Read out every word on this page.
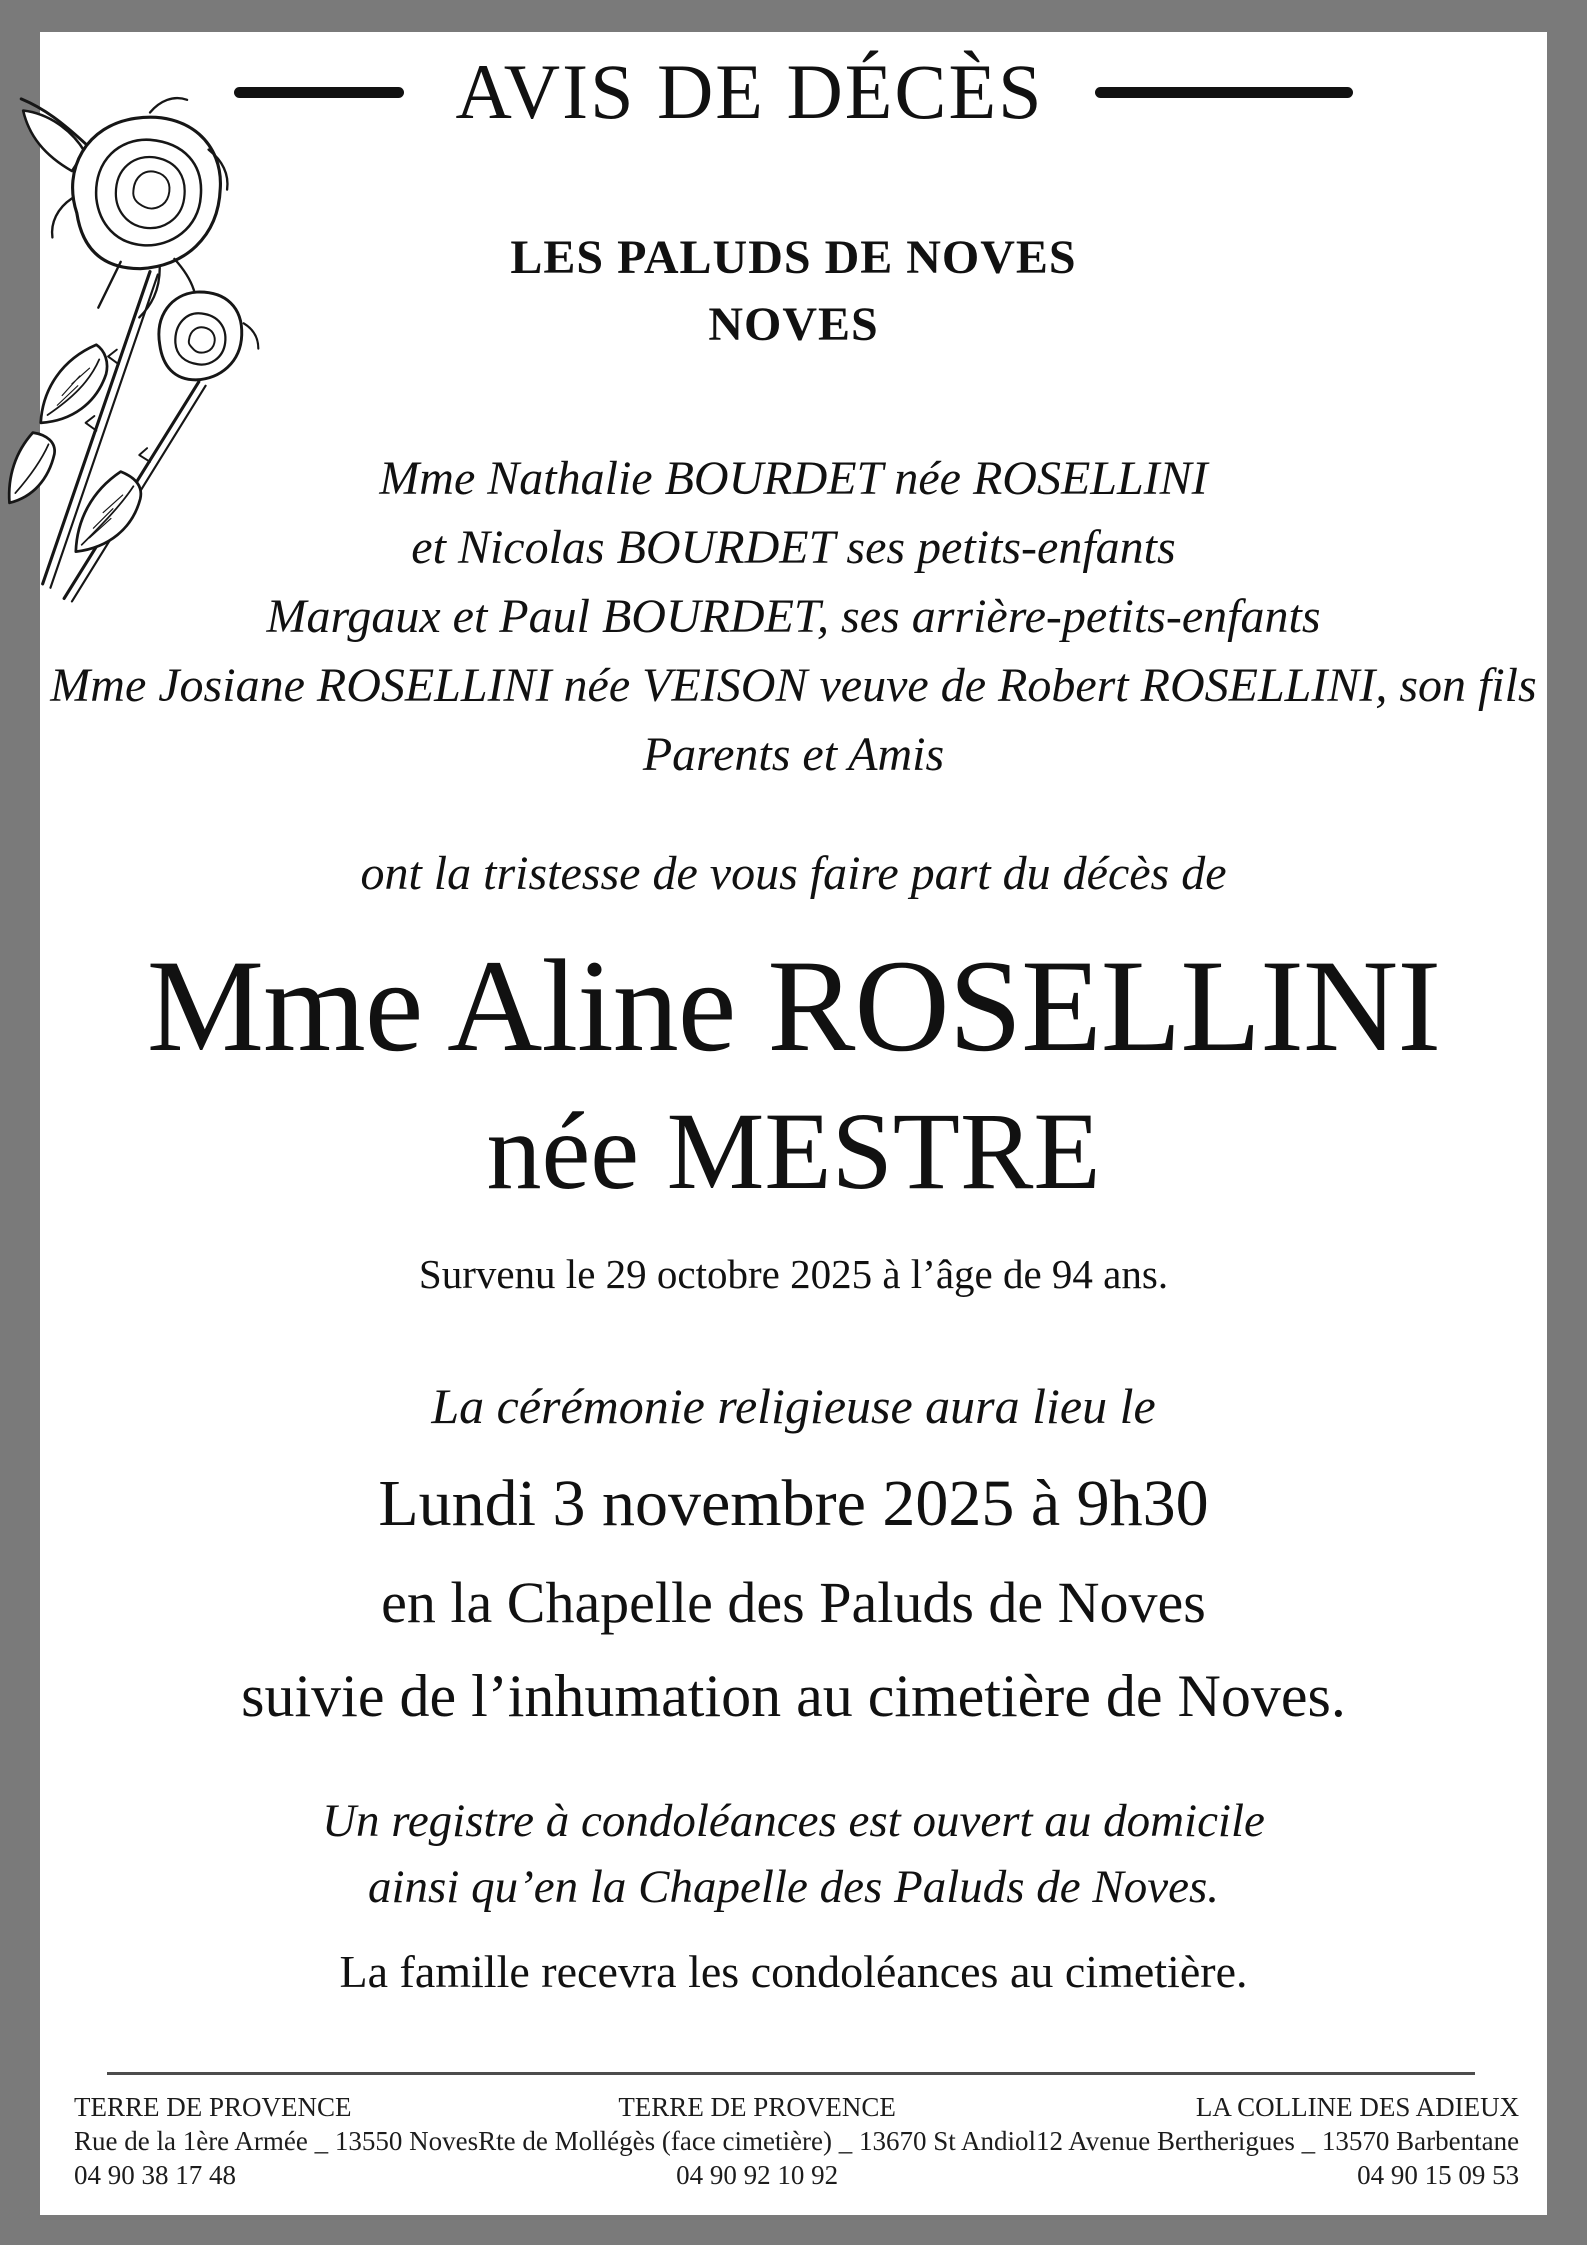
AVIS DE DÉCÈS
LES PALUDS DE NOVES
NOVES
Mme Nathalie BOURDET née ROSELLINI
et Nicolas BOURDET ses petits-enfants
Margaux et Paul BOURDET, ses arrière-petits-enfants
Mme Josiane ROSELLINI née VEISON veuve de Robert ROSELLINI, son fils
Parents et Amis
ont la tristesse de vous faire part du décès de
Mme Aline ROSELLINI
née MESTRE
Survenu le 29 octobre 2025 à l’âge de 94 ans.
La cérémonie religieuse aura lieu le
Lundi 3 novembre 2025 à 9h30
en la Chapelle des Paluds de Noves
suivie de l’inhumation au cimetière de Noves.
Un registre à condoléances est ouvert au domicile
ainsi qu’en la Chapelle des Paluds de Noves.
La famille recevra les condoléances au cimetière.
TERRE DE PROVENCE
Rue de la 1ère Armée _ 13550 Noves
04 90 38 17 48
TERRE DE PROVENCE
Rte de Mollégès (face cimetière) _ 13670 St Andiol
04 90 92 10 92
LA COLLINE DES ADIEUX
12 Avenue Bertherigues _ 13570 Barbentane
04 90 15 09 53
